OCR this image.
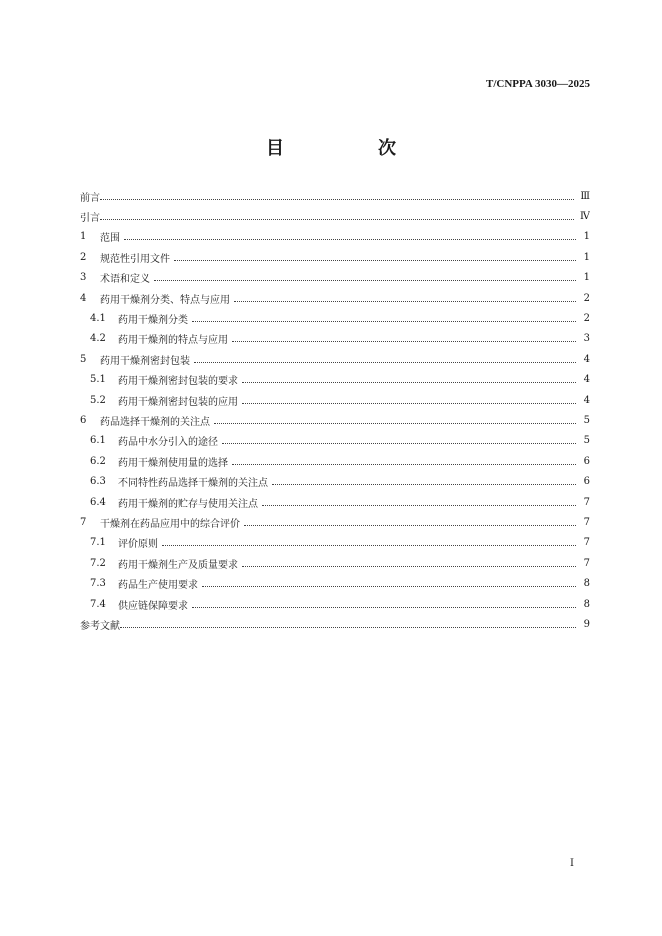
T/CNPPA 3030—2025
目　次
前言	Ⅲ
引言	Ⅳ
1	范围	1
2	规范性引用文件	1
3	术语和定义	1
4	药用干燥剂分类、特点与应用	2
4.1	药用干燥剂分类	2
4.2	药用干燥剂的特点与应用	3
5	药用干燥剂密封包装	4
5.1	药用干燥剂密封包装的要求	4
5.2	药用干燥剂密封包装的应用	4
6	药品选择干燥剂的关注点	5
6.1	药品中水分引入的途径	5
6.2	药用干燥剂使用量的选择	6
6.3	不同特性药品选择干燥剂的关注点	6
6.4	药用干燥剂的贮存与使用关注点	7
7	干燥剂在药品应用中的综合评价	7
7.1	评价原则	7
7.2	药用干燥剂生产及质量要求	7
7.3	药品生产使用要求	8
7.4	供应链保障要求	8
参考文献	9
I
